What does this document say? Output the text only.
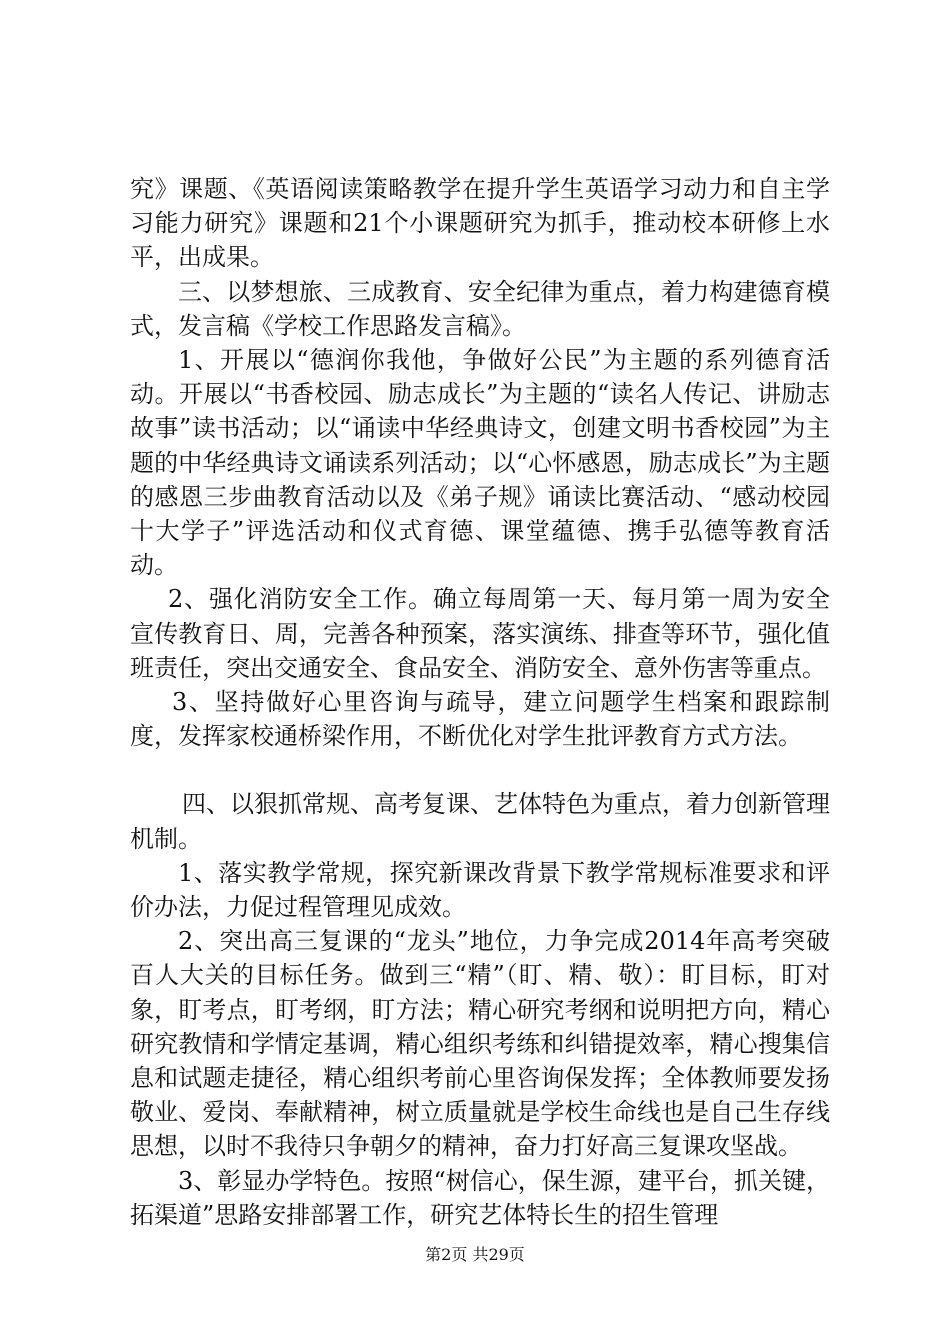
究》课题、《英语阅读策略教学在提升学生英语学习动力和自主学习能力研究》课题和21个小课题研究为抓手，推动校本研修上水平，出成果。

三、以梦想旅、三成教育、安全纪律为重点，着力构建德育模式，发言稿《学校工作思路发言稿》。

1、开展以“德润你我他，争做好公民”为主题的系列德育活动。开展以“书香校园、励志成长”为主题的“读名人传记、讲励志故事”读书活动；以“诵读中华经典诗文，创建文明书香校园”为主题的中华经典诗文诵读系列活动；以“心怀感恩，励志成长”为主题的感恩三步曲教育活动以及《弟子规》诵读比赛活动、“感动校园十大学子”评选活动和仪式育德、课堂蕴德、携手弘德等教育活动。

2、强化消防安全工作。确立每周第一天、每月第一周为安全宣传教育日、周，完善各种预案，落实演练、排查等环节，强化值班责任，突出交通安全、食品安全、消防安全、意外伤害等重点。

3、坚持做好心里咨询与疏导，建立问题学生档案和跟踪制度，发挥家校通桥梁作用，不断优化对学生批评教育方式方法。

四、以狠抓常规、高考复课、艺体特色为重点，着力创新管理机制。

1、落实教学常规，探究新课改背景下教学常规标准要求和评价办法，力促过程管理见成效。

2、突出高三复课的“龙头”地位，力争完成2014年高考突破百人大关的目标任务。做到三“精”（盯、精、敬）：盯目标，盯对象，盯考点，盯考纲，盯方法；精心研究考纲和说明把方向，精心研究教情和学情定基调，精心组织考练和纠错提效率，精心搜集信息和试题走捷径，精心组织考前心里咨询保发挥；全体教师要发扬敬业、爱岗、奉献精神，树立质量就是学校生命线也是自己生存线思想，以时不我待只争朝夕的精神，奋力打好高三复课攻坚战。

3、彰显办学特色。按照“树信心，保生源，建平台，抓关键，拓渠道”思路安排部署工作，研究艺体特长生的招生管理

第2页 共29页
